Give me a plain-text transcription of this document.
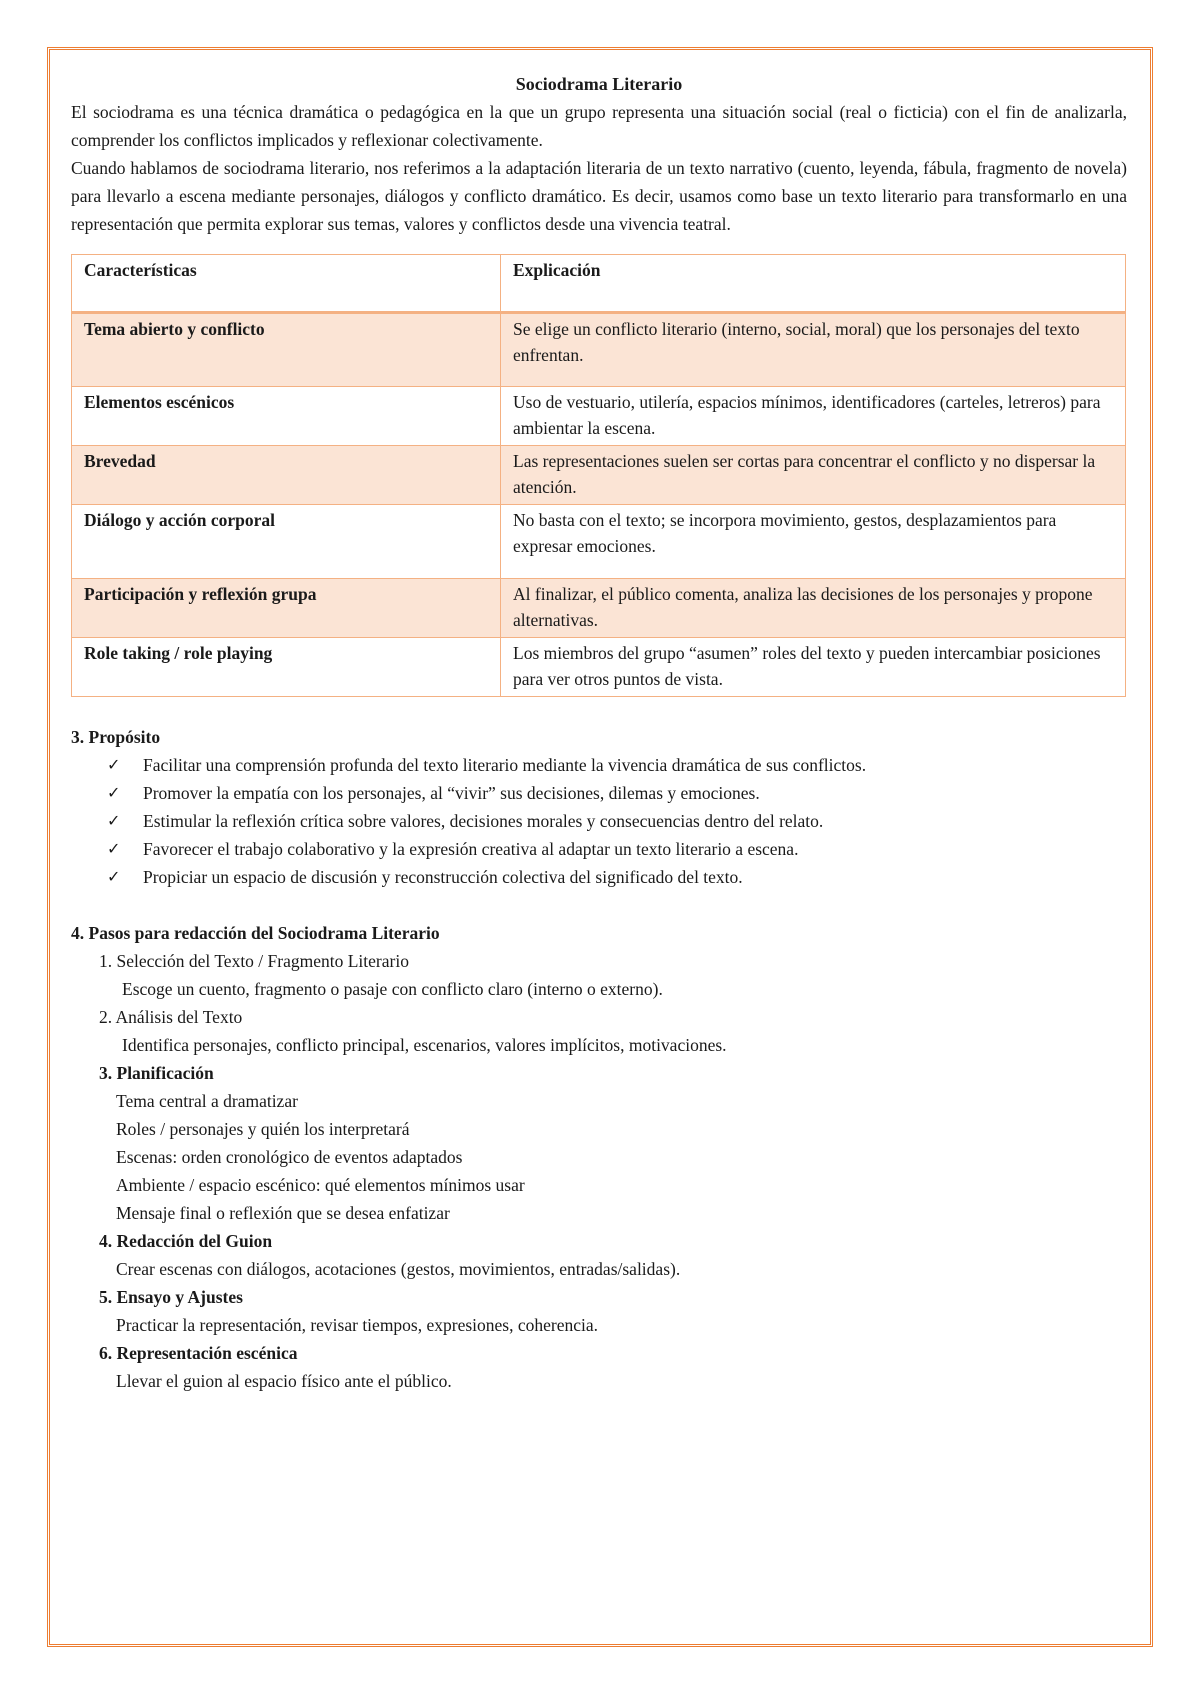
Sociodrama Literario

El sociodrama es una técnica dramática o pedagógica en la que un grupo representa una situación social (real o ficticia) con el fin de analizarla, comprender los conflictos implicados y reflexionar colectivamente.

Cuando hablamos de sociodrama literario, nos referimos a la adaptación literaria de un texto narrativo (cuento, leyenda, fábula, fragmento de novela) para llevarlo a escena mediante personajes, diálogos y conflicto dramático. Es decir, usamos como base un texto literario para transformarlo en una representación que permita explorar sus temas, valores y conflictos desde una vivencia teatral.

Características	Explicación
Tema abierto y conflicto	Se elige un conflicto literario (interno, social, moral) que los personajes del texto enfrentan.
Elementos escénicos	Uso de vestuario, utilería, espacios mínimos, identificadores (carteles, letreros) para ambientar la escena.
Brevedad	Las representaciones suelen ser cortas para concentrar el conflicto y no dispersar la atención.
Diálogo y acción corporal	No basta con el texto; se incorpora movimiento, gestos, desplazamientos para expresar emociones.
Participación y reflexión grupa	Al finalizar, el público comenta, analiza las decisiones de los personajes y propone alternativas.
Role taking / role playing	Los miembros del grupo “asumen” roles del texto y pueden intercambiar posiciones para ver otros puntos de vista.

3. Propósito

✓ Facilitar una comprensión profunda del texto literario mediante la vivencia dramática de sus conflictos.
✓ Promover la empatía con los personajes, al “vivir” sus decisiones, dilemas y emociones.
✓ Estimular la reflexión crítica sobre valores, decisiones morales y consecuencias dentro del relato.
✓ Favorecer el trabajo colaborativo y la expresión creativa al adaptar un texto literario a escena.
✓ Propiciar un espacio de discusión y reconstrucción colectiva del significado del texto.

4. Pasos para redacción del Sociodrama Literario

1. Selección del Texto / Fragmento Literario

Escoge un cuento, fragmento o pasaje con conflicto claro (interno o externo).

2. Análisis del Texto

Identifica personajes, conflicto principal, escenarios, valores implícitos, motivaciones.

3. Planificación

Tema central a dramatizar

Roles / personajes y quién los interpretará

Escenas: orden cronológico de eventos adaptados

Ambiente / espacio escénico: qué elementos mínimos usar

Mensaje final o reflexión que se desea enfatizar

4. Redacción del Guion

Crear escenas con diálogos, acotaciones (gestos, movimientos, entradas/salidas).

5. Ensayo y Ajustes

Practicar la representación, revisar tiempos, expresiones, coherencia.

6. Representación escénica

Llevar el guion al espacio físico ante el público.
